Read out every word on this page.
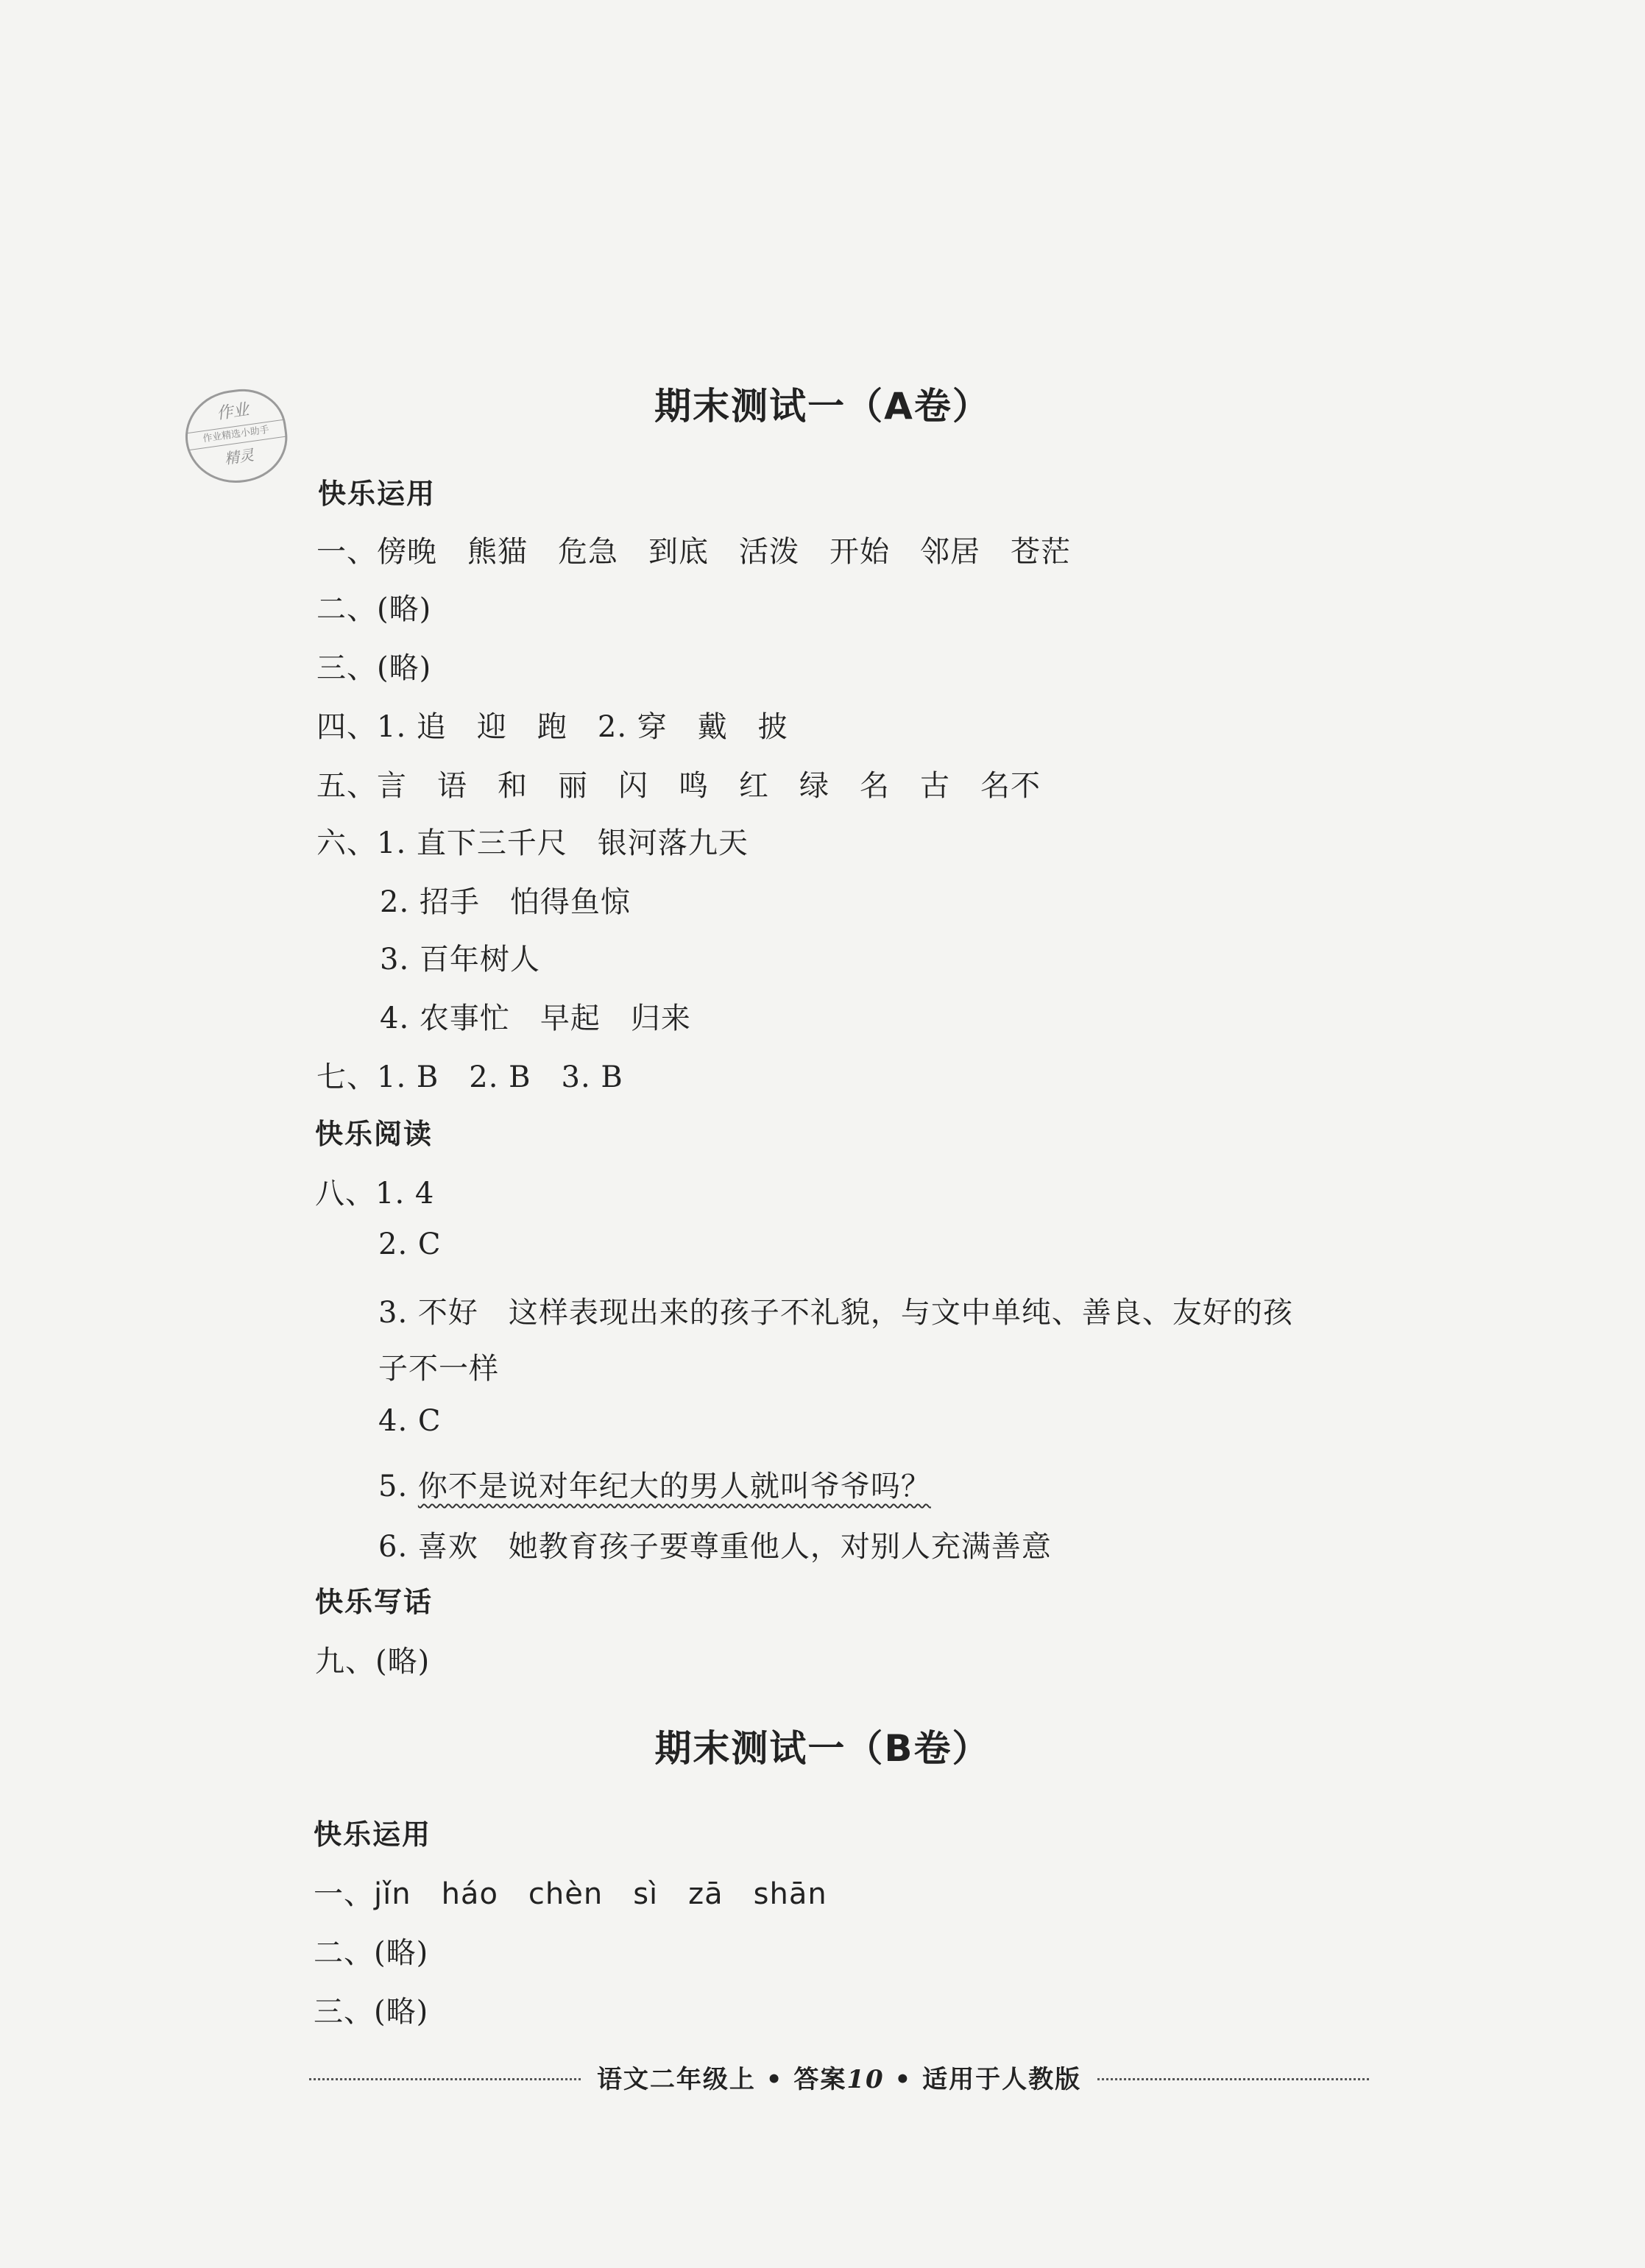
作业
作业精选小助手
精灵
期末测试一（A卷）
快乐运用
一、傍晚　熊猫　危急　到底　活泼　开始　邻居　苍茫
二、(略)
三、(略)
四、1. 追　迎　跑　2. 穿　戴　披
五、言　语　和　丽　闪　鸣　红　绿　名　古　名不
六、1. 直下三千尺　银河落九天
2. 招手　怕得鱼惊
3. 百年树人
4. 农事忙　早起　归来
七、1. B　2. B　3. B
快乐阅读
八、1. 4
2. C
3. 不好　这样表现出来的孩子不礼貌，与文中单纯、善良、友好的孩
子不一样
4. C
5. 你不是说对年纪大的男人就叫爷爷吗？
6. 喜欢　她教育孩子要尊重他人，对别人充满善意
快乐写话
九、(略)
期末测试一（B卷）
快乐运用
一、jǐn　háo　chèn　sì　zā　shān
二、(略)
三、(略)
语文二年级上 • 答案10 • 适用于人教版
